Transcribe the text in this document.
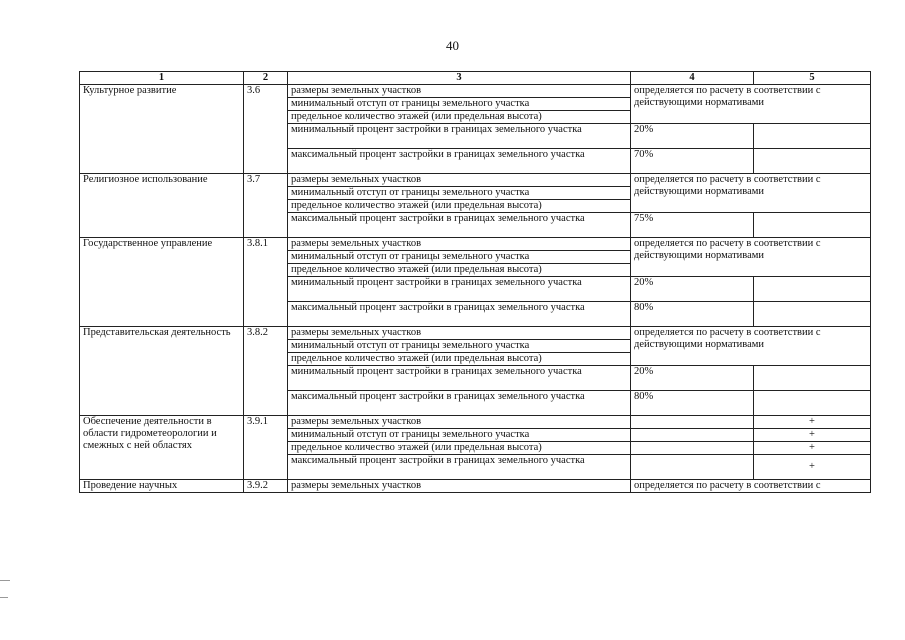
40
1	2	3	4	5
Культурное развитие	3.6	размеры земельных участков	определяется по расчету в соответствии с действующими нормативами	
		минимальный отступ от границы земельного участка		
		предельное количество этажей (или предельная высота)		
		минимальный процент застройки в границах земельного участка	20%	
		максимальный процент застройки в границах земельного участка	70%	
Религиозное использование	3.7	размеры земельных участков	определяется по расчету в соответствии с действующими нормативами	
		минимальный отступ от границы земельного участка		
		предельное количество этажей (или предельная высота)		
		максимальный процент застройки в границах земельного участка	75%	
Государственное управление	3.8.1	размеры земельных участков	определяется по расчету в соответствии с действующими нормативами	
		минимальный отступ от границы земельного участка		
		предельное количество этажей (или предельная высота)		
		минимальный процент застройки в границах земельного участка	20%	
		максимальный процент застройки в границах земельного участка	80%	
Представительская деятельность	3.8.2	размеры земельных участков	определяется по расчету в соответствии с действующими нормативами	
		минимальный отступ от границы земельного участка		
		предельное количество этажей (или предельная высота)		
		минимальный процент застройки в границах земельного участка	20%	
		максимальный процент застройки в границах земельного участка	80%	
Обеспечение деятельности в области гидрометеорологии и смежных с ней областях	3.9.1	размеры земельных участков		+
		минимальный отступ от границы земельного участка		+
		предельное количество этажей (или предельная высота)		+
		максимальный процент застройки в границах земельного участка		+
Проведение научных	3.9.2	размеры земельных участков	определяется по расчету в соответствии с	
